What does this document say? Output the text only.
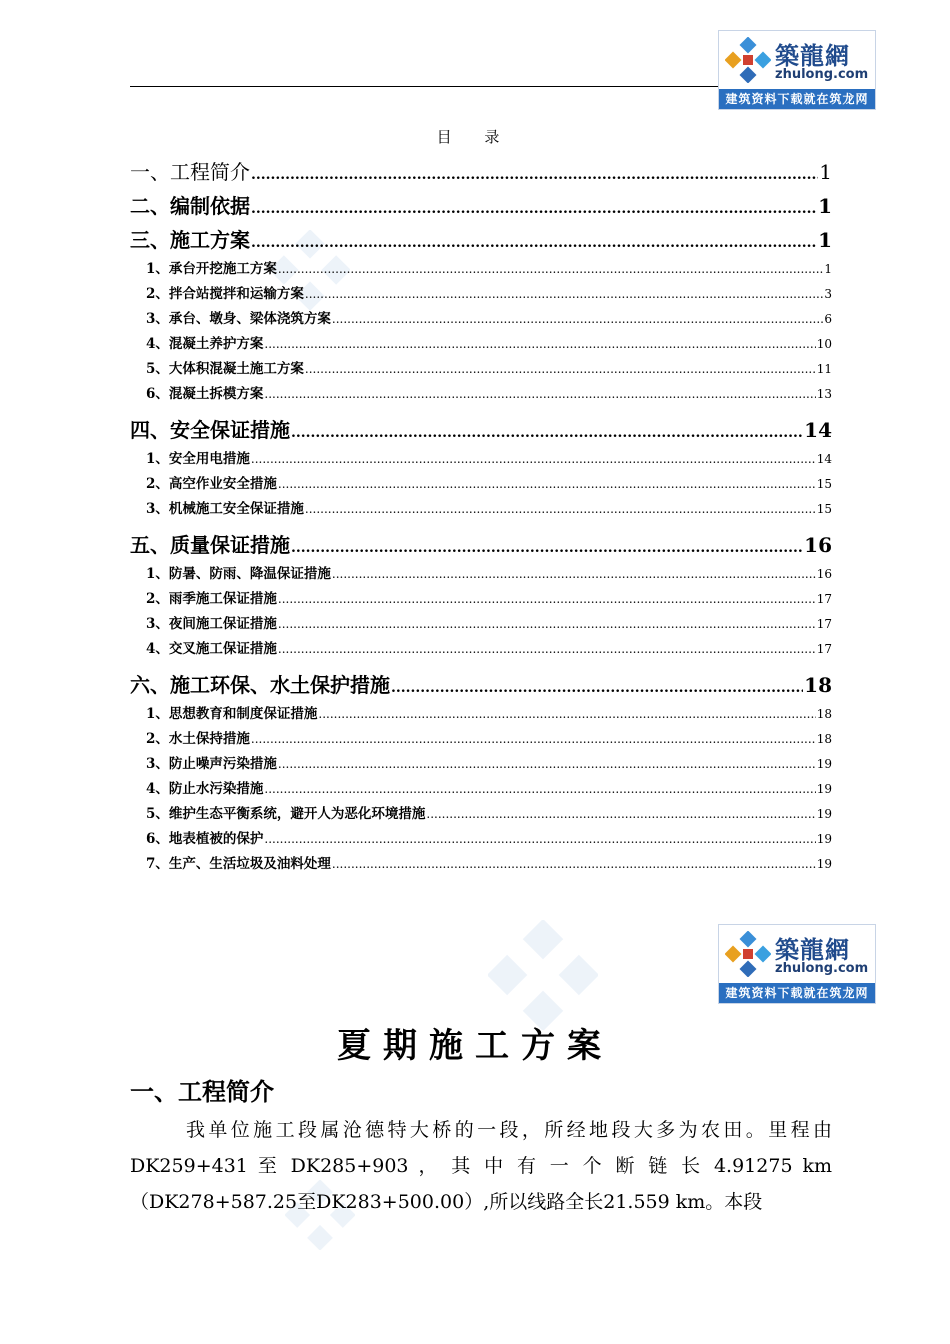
築龍網
zhulong.com
建筑资料下载就在筑龙网
目 录
一、工程简介 .....	1
二、编制依据 .....	1
三、施工方案 .....	1
1、承台开挖施工方案 .....	1
2、拌合站搅拌和运输方案 .....	3
3、承台、墩身、梁体浇筑方案 .....	6
4、混凝土养护方案 .....	10
5、大体积混凝土施工方案 .....	11
6、混凝土拆模方案 .....	13
四、安全保证措施 .....	14
1、安全用电措施 .....	14
2、高空作业安全措施 .....	15
3、机械施工安全保证措施 .....	15
五、质量保证措施 .....	16
1、防暑、防雨、降温保证措施 .....	16
2、雨季施工保证措施 .....	17
3、夜间施工保证措施 .....	17
4、交叉施工保证措施 .....	17
六、施工环保、水土保护措施 .....	18
1、思想教育和制度保证措施 .....	18
2、水土保持措施 .....	18
3、防止噪声污染措施 .....	19
4、防止水污染措施 .....	19
5、维护生态平衡系统，避开人为恶化环境措施 .....	19
6、地表植被的保护 .....	19
7、生产、生活垃圾及油料处理 .....	19
築龍網
zhulong.com
建筑资料下载就在筑龙网
夏期施工方案
一、工程简介

我单位施工段属沧德特大桥的一段，所经地段大多为农田。里程由DK259+431 至 DK285+903 ， 其 中 有 一 个 断 链 长 4.91275 km（DK278+587.25至DK283+500.00）,所以线路全长21.559 km。本段
